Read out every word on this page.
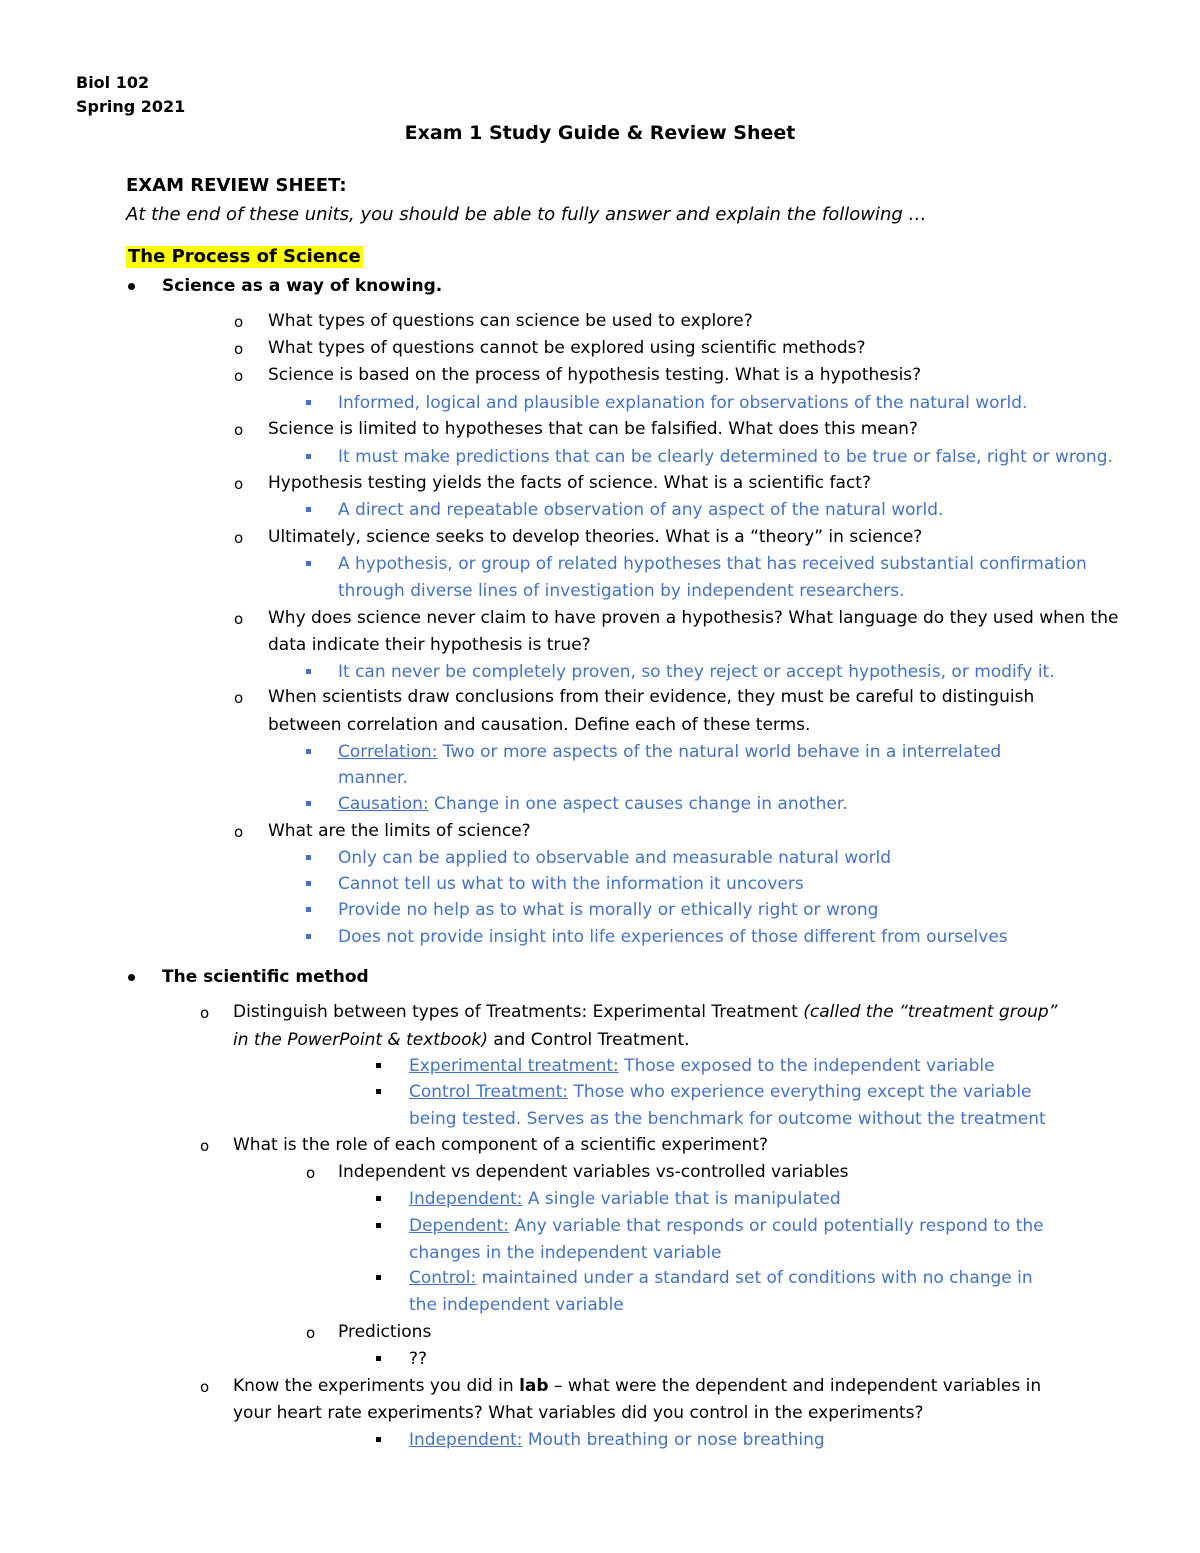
Biol 102
Spring 2021
Exam 1 Study Guide & Review Sheet
EXAM REVIEW SHEET:
At the end of these units, you should be able to fully answer and explain the following …
The Process of Science
Science as a way of knowing.
o What types of questions can science be used to explore?
o What types of questions cannot be explored using scientific methods?
o Science is based on the process of hypothesis testing. What is a hypothesis?
Informed, logical and plausible explanation for observations of the natural world.
o Science is limited to hypotheses that can be falsified. What does this mean?
It must make predictions that can be clearly determined to be true or false, right or wrong.
o Hypothesis testing yields the facts of science. What is a scientific fact?
A direct and repeatable observation of any aspect of the natural world.
o Ultimately, science seeks to develop theories. What is a “theory” in science?
A hypothesis, or group of related hypotheses that has received substantial confirmation
through diverse lines of investigation by independent researchers.
o Why does science never claim to have proven a hypothesis? What language do they used when the
data indicate their hypothesis is true?
It can never be completely proven, so they reject or accept hypothesis, or modify it.
o When scientists draw conclusions from their evidence, they must be careful to distinguish
between correlation and causation. Define each of these terms.
Correlation: Two or more aspects of the natural world behave in a interrelated
manner.
Causation: Change in one aspect causes change in another.
o What are the limits of science?
Only can be applied to observable and measurable natural world
Cannot tell us what to with the information it uncovers
Provide no help as to what is morally or ethically right or wrong
Does not provide insight into life experiences of those different from ourselves
The scientific method
o Distinguish between types of Treatments: Experimental Treatment (called the “treatment group”
in the PowerPoint & textbook) and Control Treatment.
Experimental treatment: Those exposed to the independent variable
Control Treatment: Those who experience everything except the variable
being tested. Serves as the benchmark for outcome without the treatment
o What is the role of each component of a scientific experiment?
o Independent vs dependent variables vs-controlled variables
Independent: A single variable that is manipulated
Dependent: Any variable that responds or could potentially respond to the
changes in the independent variable
Control: maintained under a standard set of conditions with no change in
the independent variable
o Predictions
??
o Know the experiments you did in lab – what were the dependent and independent variables in
your heart rate experiments? What variables did you control in the experiments?
Independent: Mouth breathing or nose breathing
